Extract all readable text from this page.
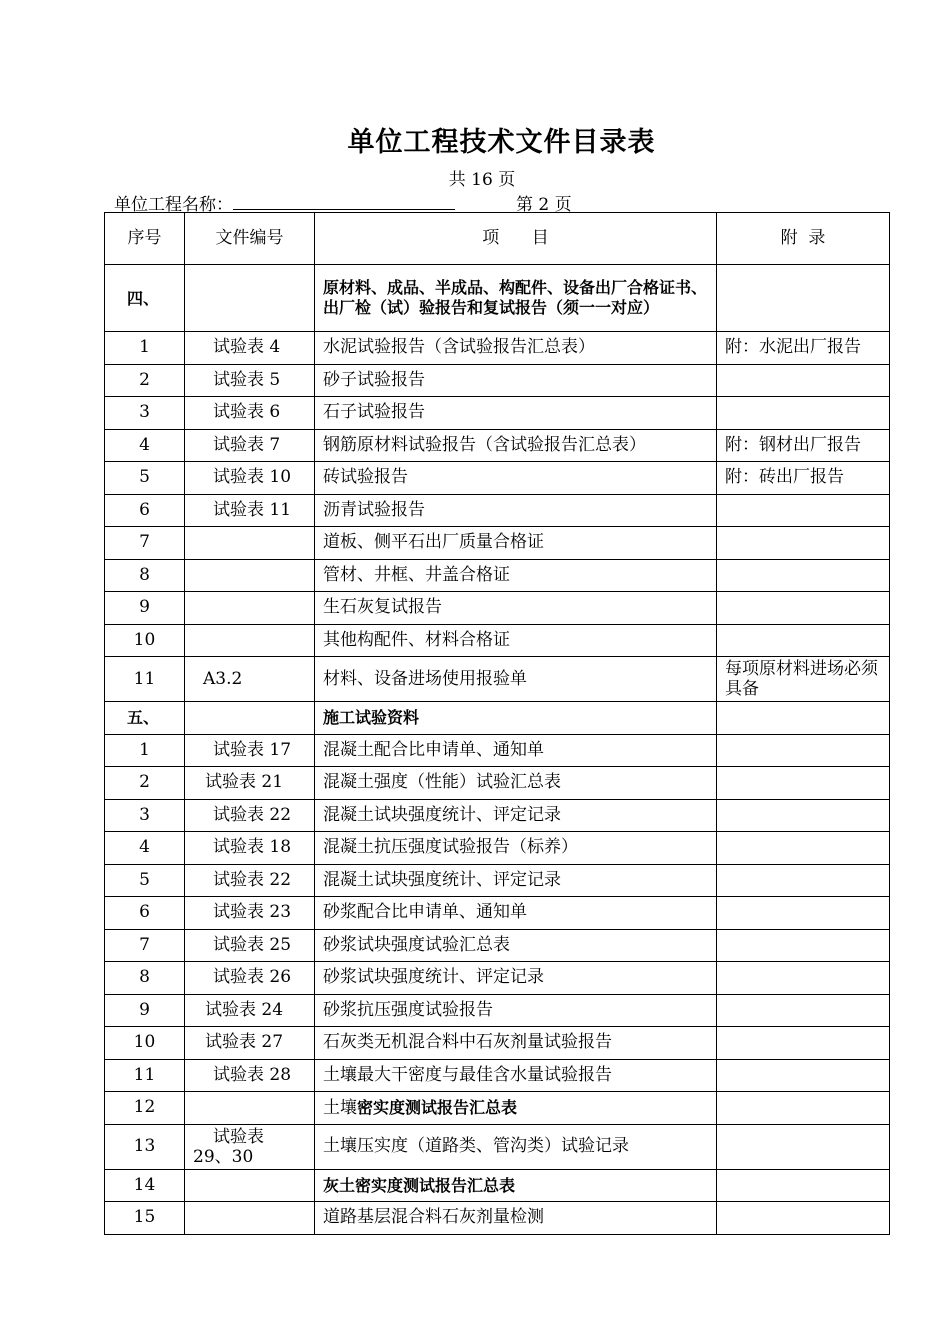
单位工程技术文件目录表
共 16 页
单位工程名称：	第 2 页
序号	文件编号	项      目	附  录
四、		原材料、成品、半成品、构配件、设备出厂合格证书、出厂检（试）验报告和复试报告（须一一对应）	
1	试验表 4	水泥试验报告（含试验报告汇总表）	附：水泥出厂报告
2	试验表 5	砂子试验报告	
3	试验表 6	石子试验报告	
4	试验表 7	钢筋原材料试验报告（含试验报告汇总表）	附：钢材出厂报告
5	试验表 10	砖试验报告	附：砖出厂报告
6	试验表 11	沥青试验报告	
7		道板、侧平石出厂质量合格证	
8		管材、井框、井盖合格证	
9		生石灰复试报告	
10		其他构配件、材料合格证	
11	A3.2	材料、设备进场使用报验单	每项原材料进场必须具备
五、		施工试验资料	
1	试验表 17	混凝土配合比申请单、通知单	
2	试验表 21	混凝土强度（性能）试验汇总表	
3	试验表 22	混凝土试块强度统计、评定记录	
4	试验表 18	混凝土抗压强度试验报告（标养）	
5	试验表 22	混凝土试块强度统计、评定记录	
6	试验表 23	砂浆配合比申请单、通知单	
7	试验表 25	砂浆试块强度试验汇总表	
8	试验表 26	砂浆试块强度统计、评定记录	
9	试验表 24	砂浆抗压强度试验报告	
10	试验表 27	石灰类无机混合料中石灰剂量试验报告	
11	试验表 28	土壤最大干密度与最佳含水量试验报告	
12		土壤密实度测试报告汇总表	
13	试验表 29、30	土壤压实度（道路类、管沟类）试验记录	
14		灰土密实度测试报告汇总表	
15		道路基层混合料石灰剂量检测	
